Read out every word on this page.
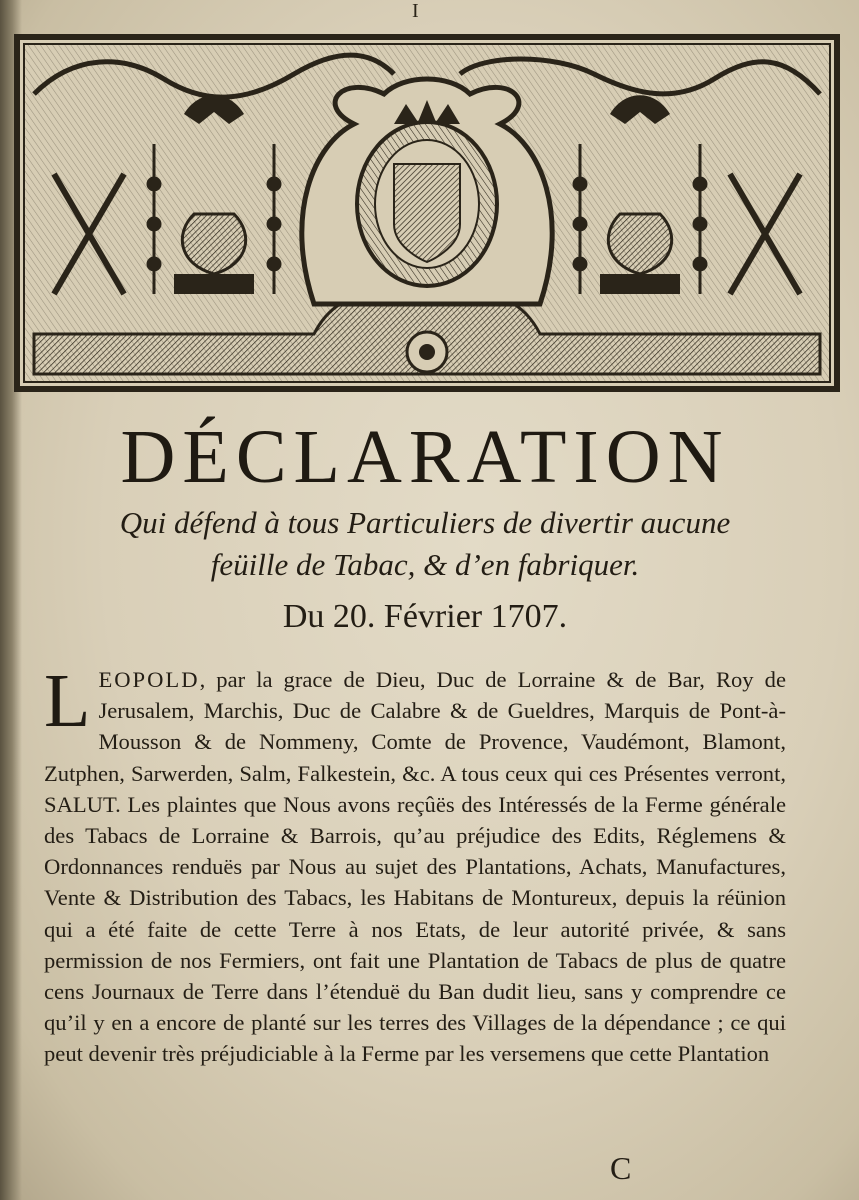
I
DÉCLARATION
Qui défend à tous Particuliers de divertir aucune
feüille de Tabac, & d’en fabriquer.
Du 20. Février 1707.
LEOPOLD, par la grace de Dieu, Duc de Lorraine & de Bar, Roy de Jerusalem, Marchis, Duc de Calabre & de Gueldres, Marquis de Pont-à-Mousson & de Nommeny, Comte de Provence, Vaudémont, Blamont, Zutphen, Sarwerden, Salm, Falkestein, &c. A tous ceux qui ces Présentes verront, SALUT. Les plaintes que Nous avons reçûës des Intéressés de la Ferme générale des Tabacs de Lorraine & Barrois, qu’au préjudice des Edits, Réglemens & Ordonnances renduës par Nous au sujet des Plantations, Achats, Manufactures, Vente & Distribution des Tabacs, les Habitans de Montureux, depuis la réünion qui a été faite de cette Terre à nos Etats, de leur autorité privée, & sans permission de nos Fermiers, ont fait une Plantation de Tabacs de plus de quatre cens Journaux de Terre dans l’étenduë du Ban dudit lieu, sans y comprendre ce qu’il y en a encore de planté sur les terres des Villages de la dépendance ; ce qui peut devenir très préjudiciable à la Ferme par les versemens que cette Plantation
C
